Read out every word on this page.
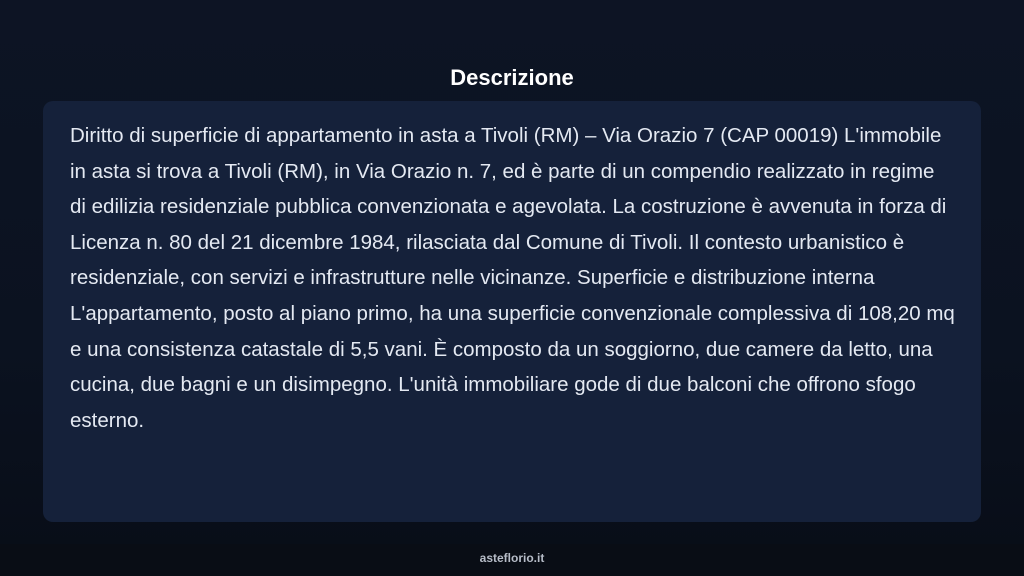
Descrizione

Diritto di superficie di appartamento in asta a Tivoli (RM) – Via Orazio 7 (CAP 00019) L'immobile in asta si trova a Tivoli (RM), in Via Orazio n. 7, ed è parte di un compendio realizzato in regime di edilizia residenziale pubblica convenzionata e agevolata. La costruzione è avvenuta in forza di Licenza n. 80 del 21 dicembre 1984, rilasciata dal Comune di Tivoli. Il contesto urbanistico è residenziale, con servizi e infrastrutture nelle vicinanze. Superficie e distribuzione interna L'appartamento, posto al piano primo, ha una superficie convenzionale complessiva di 108,20 mq e una consistenza catastale di 5,5 vani. È composto da un soggiorno, due camere da letto, una cucina, due bagni e un disimpegno. L'unità immobiliare gode di due balconi che offrono sfogo esterno.

asteflorio.it
